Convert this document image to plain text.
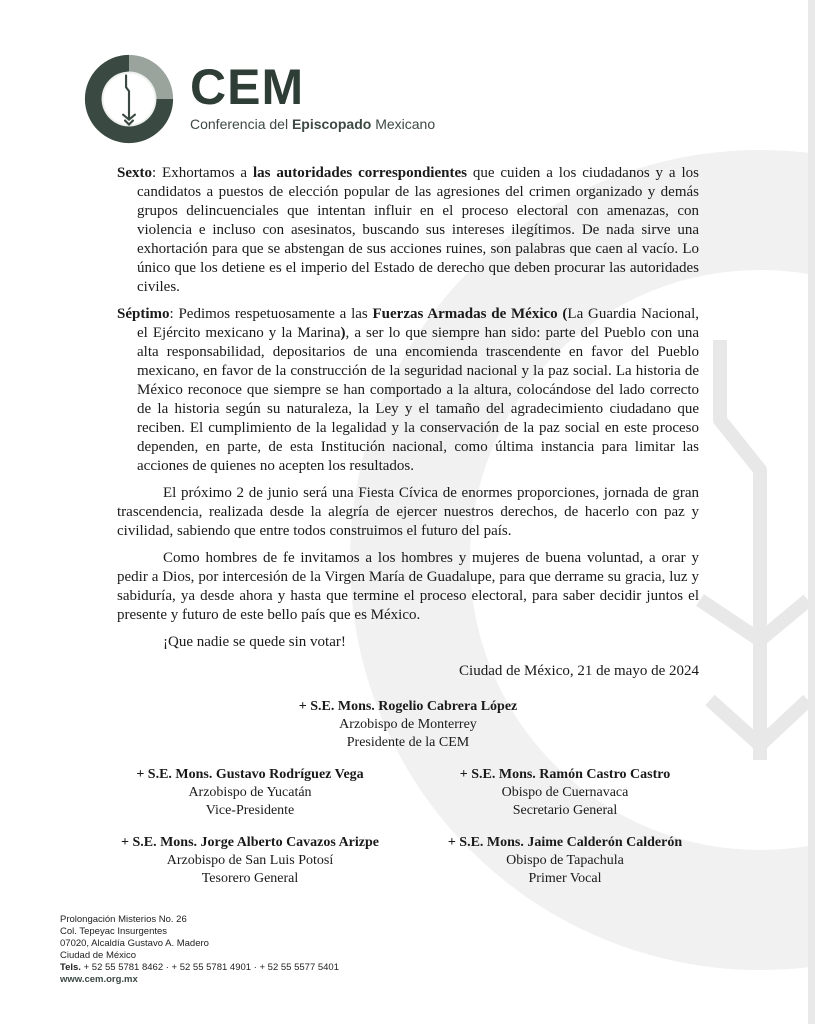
CEM
Conferencia del Episcopado Mexicano

Sexto: Exhortamos a las autoridades correspondientes que cuiden a los ciudadanos y a los candidatos a puestos de elección popular de las agresiones del crimen organizado y demás grupos delincuenciales que intentan influir en el proceso electoral con amenazas, con violencia e incluso con asesinatos, buscando sus intereses ilegítimos. De nada sirve una exhortación para que se abstengan de sus acciones ruines, son palabras que caen al vacío. Lo único que los detiene es el imperio del Estado de derecho que deben procurar las autoridades civiles.

Séptimo: Pedimos respetuosamente a las Fuerzas Armadas de México (La Guardia Nacional, el Ejército mexicano y la Marina), a ser lo que siempre han sido: parte del Pueblo con una alta responsabilidad, depositarios de una encomienda trascendente en favor del Pueblo mexicano, en favor de la construcción de la seguridad nacional y la paz social. La historia de México reconoce que siempre se han comportado a la altura, colocándose del lado correcto de la historia según su naturaleza, la Ley y el tamaño del agradecimiento ciudadano que reciben. El cumplimiento de la legalidad y la conservación de la paz social en este proceso dependen, en parte, de esta Institución nacional, como última instancia para limitar las acciones de quienes no acepten los resultados.

El próximo 2 de junio será una Fiesta Cívica de enormes proporciones, jornada de gran trascendencia, realizada desde la alegría de ejercer nuestros derechos, de hacerlo con paz y civilidad, sabiendo que entre todos construimos el futuro del país.

Como hombres de fe invitamos a los hombres y mujeres de buena voluntad, a orar y pedir a Dios, por intercesión de la Virgen María de Guadalupe, para que derrame su gracia, luz y sabiduría, ya desde ahora y hasta que termine el proceso electoral, para saber decidir juntos el presente y futuro de este bello país que es México.

¡Que nadie se quede sin votar!

Ciudad de México, 21 de mayo de 2024

+ S.E. Mons. Rogelio Cabrera López
Arzobispo de Monterrey
Presidente de la CEM
+ S.E. Mons. Gustavo Rodríguez Vega
Arzobispo de Yucatán
Vice-Presidente
+ S.E. Mons. Ramón Castro Castro
Obispo de Cuernavaca
Secretario General
+ S.E. Mons. Jorge Alberto Cavazos Arizpe
Arzobispo de San Luis Potosí
Tesorero General
+ S.E. Mons. Jaime Calderón Calderón
Obispo de Tapachula
Primer Vocal
Prolongación Misterios No. 26
Col. Tepeyac Insurgentes
07020, Alcaldía Gustavo A. Madero
Ciudad de México
Tels. + 52 55 5781 8462 · + 52 55 5781 4901 · + 52 55 5577 5401
www.cem.org.mx
